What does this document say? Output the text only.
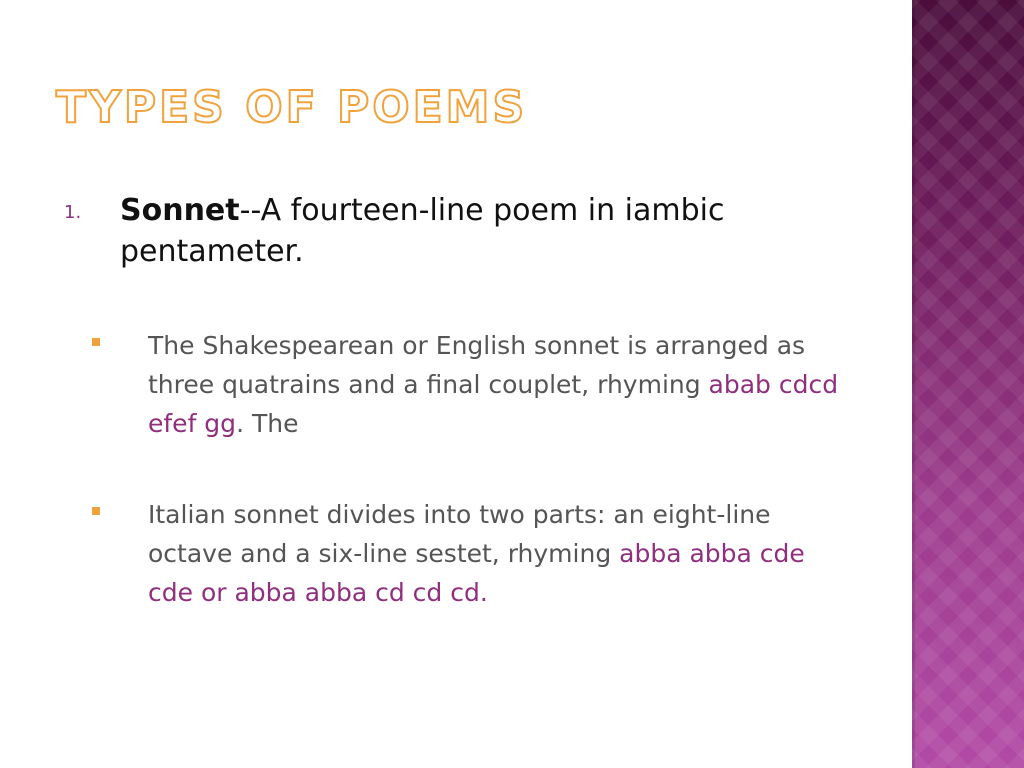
TYPES OF POEMS
1. Sonnet--A fourteen-line poem in iambic pentameter.
The Shakespearean or English sonnet is arranged as three quatrains and a final couplet, rhyming abab cdcd efef gg. The
Italian sonnet divides into two parts: an eight-line octave and a six-line sestet, rhyming abba abba cde cde or abba abba cd cd cd.
